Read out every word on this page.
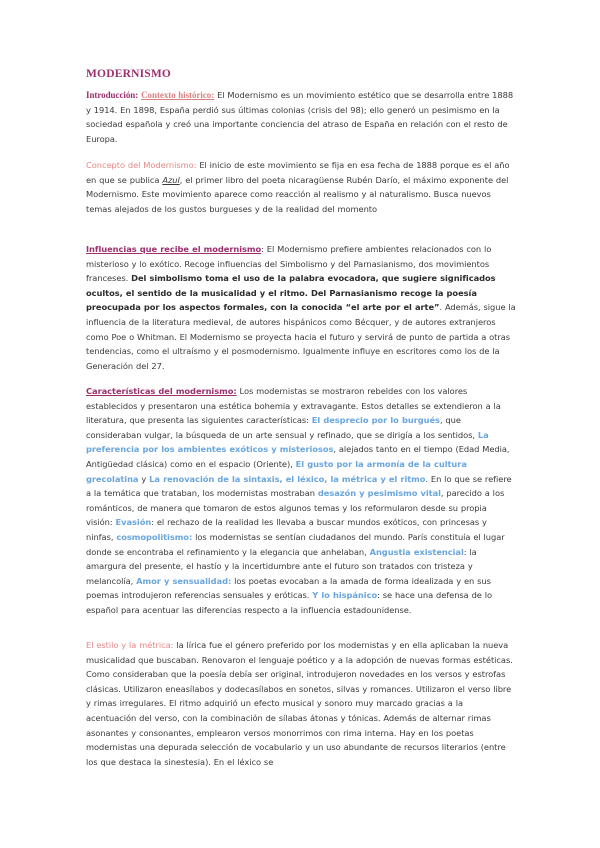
MODERNISMO

Introducción: Contexto histórico: El Modernismo es un movimiento estético que se desarrolla entre 1888 y 1914. En 1898, España perdió sus últimas colonias (crisis del 98); ello generó un pesimismo en la sociedad española y creó una importante conciencia del atraso de España en relación con el resto de Europa.

Concepto del Modernismo: El inicio de este movimiento se fija en esa fecha de 1888 porque es el año en que se publica Azul, el primer libro del poeta nicaragüense Rubén Darío, el máximo exponente del Modernismo. Este movimiento aparece como reacción al realismo y al naturalismo. Busca nuevos temas alejados de los gustos burgueses y de la realidad del momento

Influencias que recibe el modernismo: El Modernismo prefiere ambientes relacionados con lo misterioso y lo exótico. Recoge influencias del Simbolismo y del Parnasianismo, dos movimientos franceses. Del simbolismo toma el uso de la palabra evocadora, que sugiere significados ocultos, el sentido de la musicalidad y el ritmo. Del Parnasianismo recoge la poesía preocupada por los aspectos formales, con la conocida “el arte por el arte”. Además, sigue la influencia de la literatura medieval, de autores hispánicos como Bécquer, y de autores extranjeros como Poe o Whitman. El Modernismo se proyecta hacia el futuro y servirá de punto de partida a otras tendencias, como el ultraísmo y el posmodernismo. Igualmente influye en escritores como los de la Generación del 27.

Características del modernismo: Los modernistas se mostraron rebeldes con los valores establecidos y presentaron una estética bohemia y extravagante. Estos detalles se extendieron a la literatura, que presenta las siguientes características: El desprecio por lo burgués, que consideraban vulgar, la búsqueda de un arte sensual y refinado, que se dirigía a los sentidos, La preferencia por los ambientes exóticos y misteriosos, alejados tanto en el tiempo (Edad Media, Antigüedad clásica) como en el espacio (Oriente), El gusto por la armonía de la cultura grecolatina y La renovación de la sintaxis, el léxico, la métrica y el ritmo. En lo que se refiere a la temática que trataban, los modernistas mostraban desazón y pesimismo vital, parecido a los románticos, de manera que tomaron de estos algunos temas y los reformularon desde su propia visión: Evasión: el rechazo de la realidad les llevaba a buscar mundos exóticos, con princesas y ninfas, cosmopolitismo: los modernistas se sentían ciudadanos del mundo. París constituía el lugar donde se encontraba el refinamiento y la elegancia que anhelaban, Angustia existencial: la amargura del presente, el hastío y la incertidumbre ante el futuro son tratados con tristeza y melancolía, Amor y sensualidad: los poetas evocaban a la amada de forma idealizada y en sus poemas introdujeron referencias sensuales y eróticas. Y lo hispánico: se hace una defensa de lo español para acentuar las diferencias respecto a la influencia estadounidense.

El estilo y la métrica: la lírica fue el género preferido por los modernistas y en ella aplicaban la nueva musicalidad que buscaban. Renovaron el lenguaje poético y a la adopción de nuevas formas estéticas. Como consideraban que la poesía debía ser original, introdujeron novedades en los versos y estrofas clásicas. Utilizaron eneasílabos y dodecasílabos en sonetos, silvas y romances. Utilizaron el verso libre y rimas irregulares. El ritmo adquirió un efecto musical y sonoro muy marcado gracias a la acentuación del verso, con la combinación de sílabas átonas y tónicas. Además de alternar rimas asonantes y consonantes, emplearon versos monorrimos con rima interna. Hay en los poetas modernistas una depurada selección de vocabulario y un uso abundante de recursos literarios (entre los que destaca la sinestesia). En el léxico se
